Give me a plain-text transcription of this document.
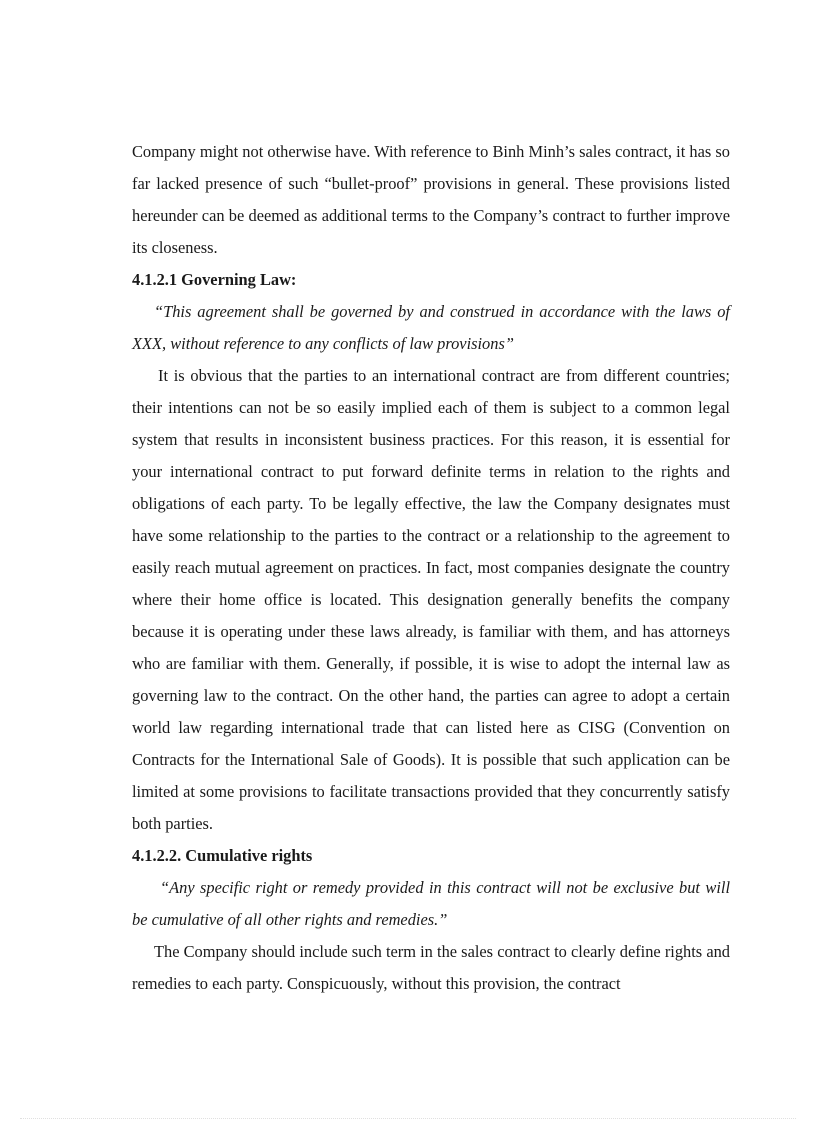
Company might not otherwise have. With reference to Binh Minh’s sales contract, it has so far lacked presence of such “bullet-proof” provisions in general. These provisions listed hereunder can be deemed as additional terms to the Company’s contract to further improve its closeness.

4.1.2.1 Governing Law:

“This agreement shall be governed by and construed in accordance with the laws of XXX, without reference to any conflicts of law provisions”

It is obvious that the parties to an international contract are from different countries; their intentions can not be so easily implied each of them is subject to a common legal system that results in inconsistent business practices. For this reason, it is essential for your international contract to put forward definite terms in relation to the rights and obligations of each party. To be legally effective, the law the Company designates must have some relationship to the parties to the contract or a relationship to the agreement to easily reach mutual agreement on practices. In fact, most companies designate the country where their home office is located. This designation generally benefits the company because it is operating under these laws already, is familiar with them, and has attorneys who are familiar with them. Generally, if possible, it is wise to adopt the internal law as governing law to the contract. On the other hand, the parties can agree to adopt a certain world law regarding international trade that can listed here as CISG (Convention on Contracts for the International Sale of Goods). It is possible that such application can be limited at some provisions to facilitate transactions provided that they concurrently satisfy both parties.

4.1.2.2. Cumulative rights

“Any specific right or remedy provided in this contract will not be exclusive but will be cumulative of all other rights and remedies.”

The Company should include such term in the sales contract to clearly define rights and remedies to each party. Conspicuously, without this provision, the contract
